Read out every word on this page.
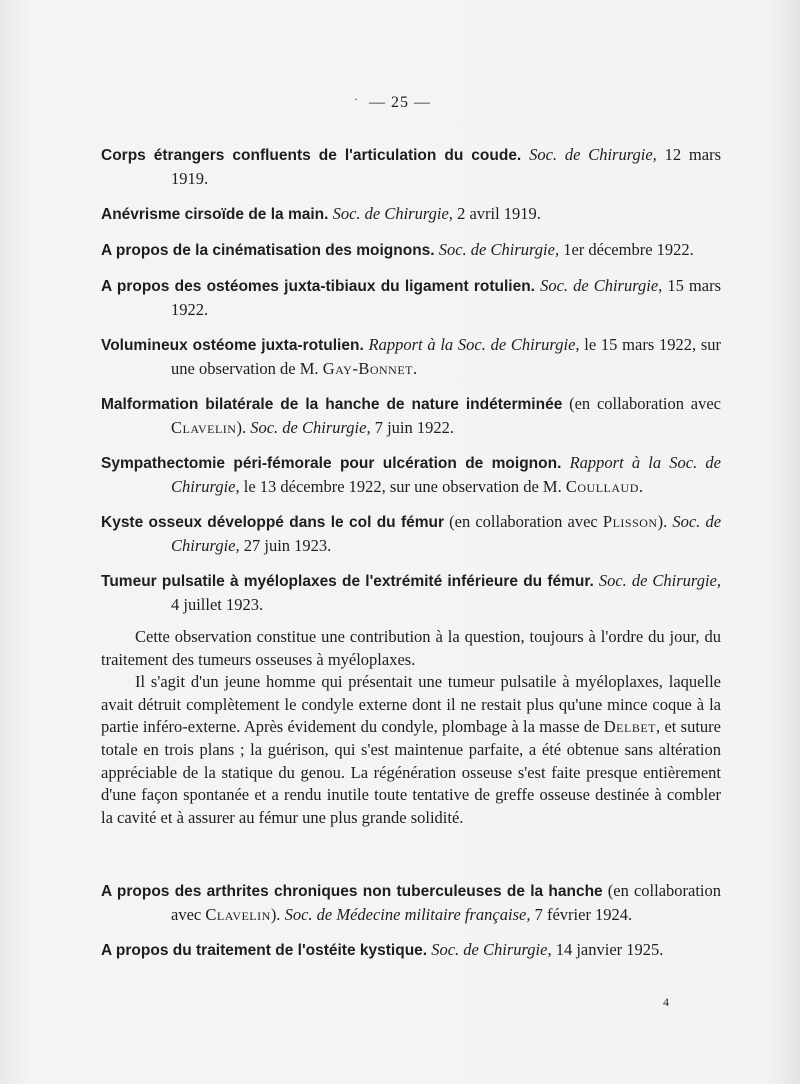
· — 25 —
Corps étrangers confluents de l'articulation du coude. Soc. de Chirurgie, 12 mars 1919.
Anévrisme cirsoïde de la main. Soc. de Chirurgie, 2 avril 1919.
A propos de la cinématisation des moignons. Soc. de Chirurgie, 1er décembre 1922.
A propos des ostéomes juxta-tibiaux du ligament rotulien. Soc. de Chirurgie, 15 mars 1922.
Volumineux ostéome juxta-rotulien. Rapport à la Soc. de Chirurgie, le 15 mars 1922, sur une observation de M. Gay-Bonnet.
Malformation bilatérale de la hanche de nature indéterminée (en collaboration avec Clavelin). Soc. de Chirurgie, 7 juin 1922.
Sympathectomie péri-fémorale pour ulcération de moignon. Rapport à la Soc. de Chirurgie, le 13 décembre 1922, sur une observation de M. Coullaud.
Kyste osseux développé dans le col du fémur (en collaboration avec Plisson). Soc. de Chirurgie, 27 juin 1923.
Tumeur pulsatile à myéloplaxes de l'extrémité inférieure du fémur. Soc. de Chirurgie, 4 juillet 1923.

Cette observation constitue une contribution à la question, toujours à l'ordre du jour, du traitement des tumeurs osseuses à myéloplaxes.

Il s'agit d'un jeune homme qui présentait une tumeur pulsatile à myéloplaxes, laquelle avait détruit complètement le condyle externe dont il ne restait plus qu'une mince coque à la partie inféro-externe. Après évidement du condyle, plombage à la masse de Delbet, et suture totale en trois plans ; la guérison, qui s'est maintenue parfaite, a été obtenue sans altération appréciable de la statique du genou. La régénération osseuse s'est faite presque entièrement d'une façon spontanée et a rendu inutile toute tentative de greffe osseuse destinée à combler la cavité et à assurer au fémur une plus grande solidité.

A propos des arthrites chroniques non tuberculeuses de la hanche (en collaboration avec Clavelin). Soc. de Médecine militaire française, 7 février 1924.
A propos du traitement de l'ostéite kystique. Soc. de Chirurgie, 14 janvier 1925.
4
